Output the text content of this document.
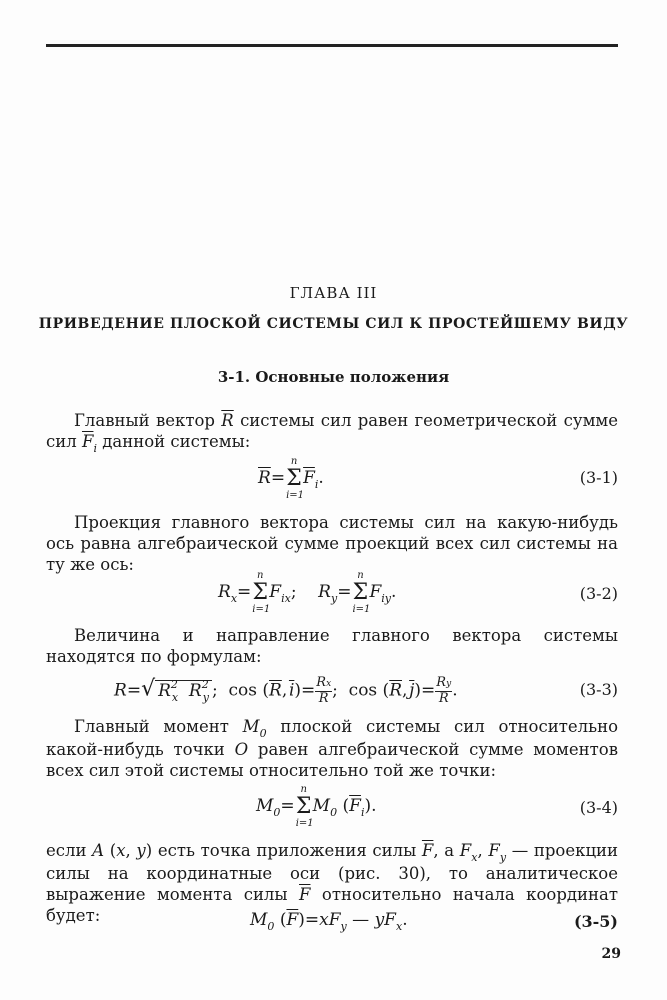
ГЛАВА III
ПРИВЕДЕНИЕ ПЛОСКОЙ СИСТЕМЫ СИЛ К ПРОСТЕЙШЕМУ ВИДУ
3-1. Основные положения
Главный вектор $\overline{R}$ системы сил равен геометрической сумме сил $\overline{F}_i$ данной системы:
$\overline{R}=$
n
Σ
i=1
$\overline{F}_i$.	(3-1)
Проекция главного вектора системы сил на какую-нибудь ось равна алгебраической сумме проекций всех сил системы на ту же ось:
$R_x=$
n
Σ
i=1
$F_{ix}$;    $R_y=$
n
Σ
i=1
$F_{iy}$.	(3-2)
Величина и направление главного вектора системы находятся по формулам:
R=√ $R^2_x$  $R^2_y$ ;  $\cos (\overline{R}$, $\overline{i})= \frac{Rx}{R}$ ;  $\cos (\overline{R}$, $\overline{j})= \frac{Ry}{R}$ .	(3-3)
Главный момент $M_0$ плоской системы сил относительно какой-нибудь точки O равен алгебраической сумме моментов всех сил этой системы относительно той же точки:
$M_0=$
n
Σ
i=1
$M_0$ $(\overline{F}_i)$.	(3-4)
если A (x, y) есть точка приложения силы $\overline{F}$, а $F_x$, $F_y$ — проекции силы на координатные оси (рис. 30), то аналитическое выражение момента силы $\overline{F}$ относительно начала координат будет:	$M_0$ $(\overline{F})=xF_y$ — $yF_x$.	(3-5)
29
